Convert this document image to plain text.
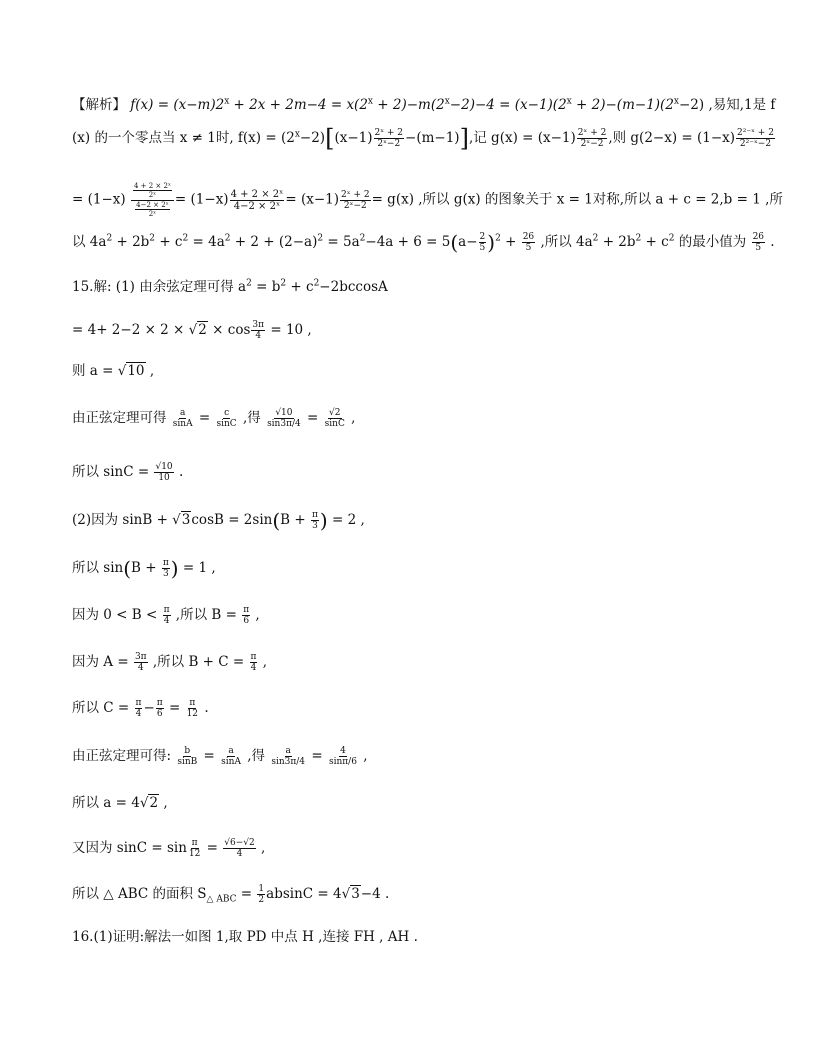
【解析】 $f(x) = (x-m)2^x + 2x + 2m-4 = x(2^x + 2)-m(2^x-2)-4 = (x-1)(2^x + 2)-(m-1)(2^x-2)$ ,易知,1是 f
(x) 的一个零点当 x ≠ 1时, $f(x) = (2^x-2)[(x-1) \frac{\text{2ˣ + 2}}{\text{2ˣ−2}} -(m-1)]$,记 $g(x) = (x-1) \frac{\text{2ˣ + 2}}{\text{2ˣ−2}}$ ,则 $g(2-x) = (1-x) \frac{\text{2²⁻ˣ + 2}}{\text{2²⁻ˣ−2}}$
= $(1-x) \frac{\frac{\text{4 + 2 × 2ˣ}}{\text{2ˣ}}}{\frac{\text{4−2 × 2ˣ}}{\text{2ˣ}}} = (1-x) \frac{\text{4 + 2 × 2ˣ}}{\text{4−2 × 2ˣ}} = (x-1) \frac{\text{2ˣ + 2}}{\text{2ˣ−2}} = g(x)$ ,所以 g(x) 的图象关于 x = 1对称,所以 a + c = 2,b = 1 ,所
以 $4a^2 + 2b^2 + c^2 = 4a^2 + 2 + (2-a)^2 = 5a^2-4a + 6 = 5(a- \frac{2}{5} )^2 + \frac{26}{5}$ ,所以 $4a^2 + 2b^2 + c^2$ 的最小值为 $\frac{26}{5}$ .
15.解: (1) 由余弦定理可得 $a^2 = b^2 + c^2-2bccosA$
= $4+ 2-2 \times 2 \times √2 \times \cos \frac{3\pi}{4} = 10$ ,
则 a = √10 ,
由正弦定理可得 $\frac{a}{\sin A} = \frac{c}{\sin C}$ ,得 $\frac{√10}{\sin 3\pi/4} = \frac{√2}{\sin C}$ ,
所以 $\sin C = \frac{√10}{10}$ .
(2)因为 $\sin B + √3\cos B = 2\sin(B + \frac{\pi}{3}$ ) = 2 ,
所以 $\sin(B + \frac{\pi}{3}$ ) = 1 ,
因为 $0 < B < \frac{\pi}{4}$ ,所以 $B = \frac{\pi}{6}$ ,
因为 $A = \frac{3\pi}{4}$ ,所以 $B + C = \frac{\pi}{4}$ ,
所以 $C = \frac{\pi}{4} - \frac{\pi}{6} = \frac{\pi}{12}$ .
由正弦定理可得: $\frac{b}{\sin B} = \frac{a}{\sin A}$ ,得 $\frac{a}{\sin 3\pi/4} = \frac{4}{\sin\pi/6}$ ,
所以 a = 4√2 ,
又因为 $\sin C = \sin \frac{\pi}{12} = \frac{√6-√2}{4}$ ,
所以 △ ABC 的面积 $S_{\triangle ABC} = \frac{1}{2}$ absinC = 4√3−4 .
16.(1)证明:解法一如图 1,取 PD 中点 H ,连接 FH , AH .
